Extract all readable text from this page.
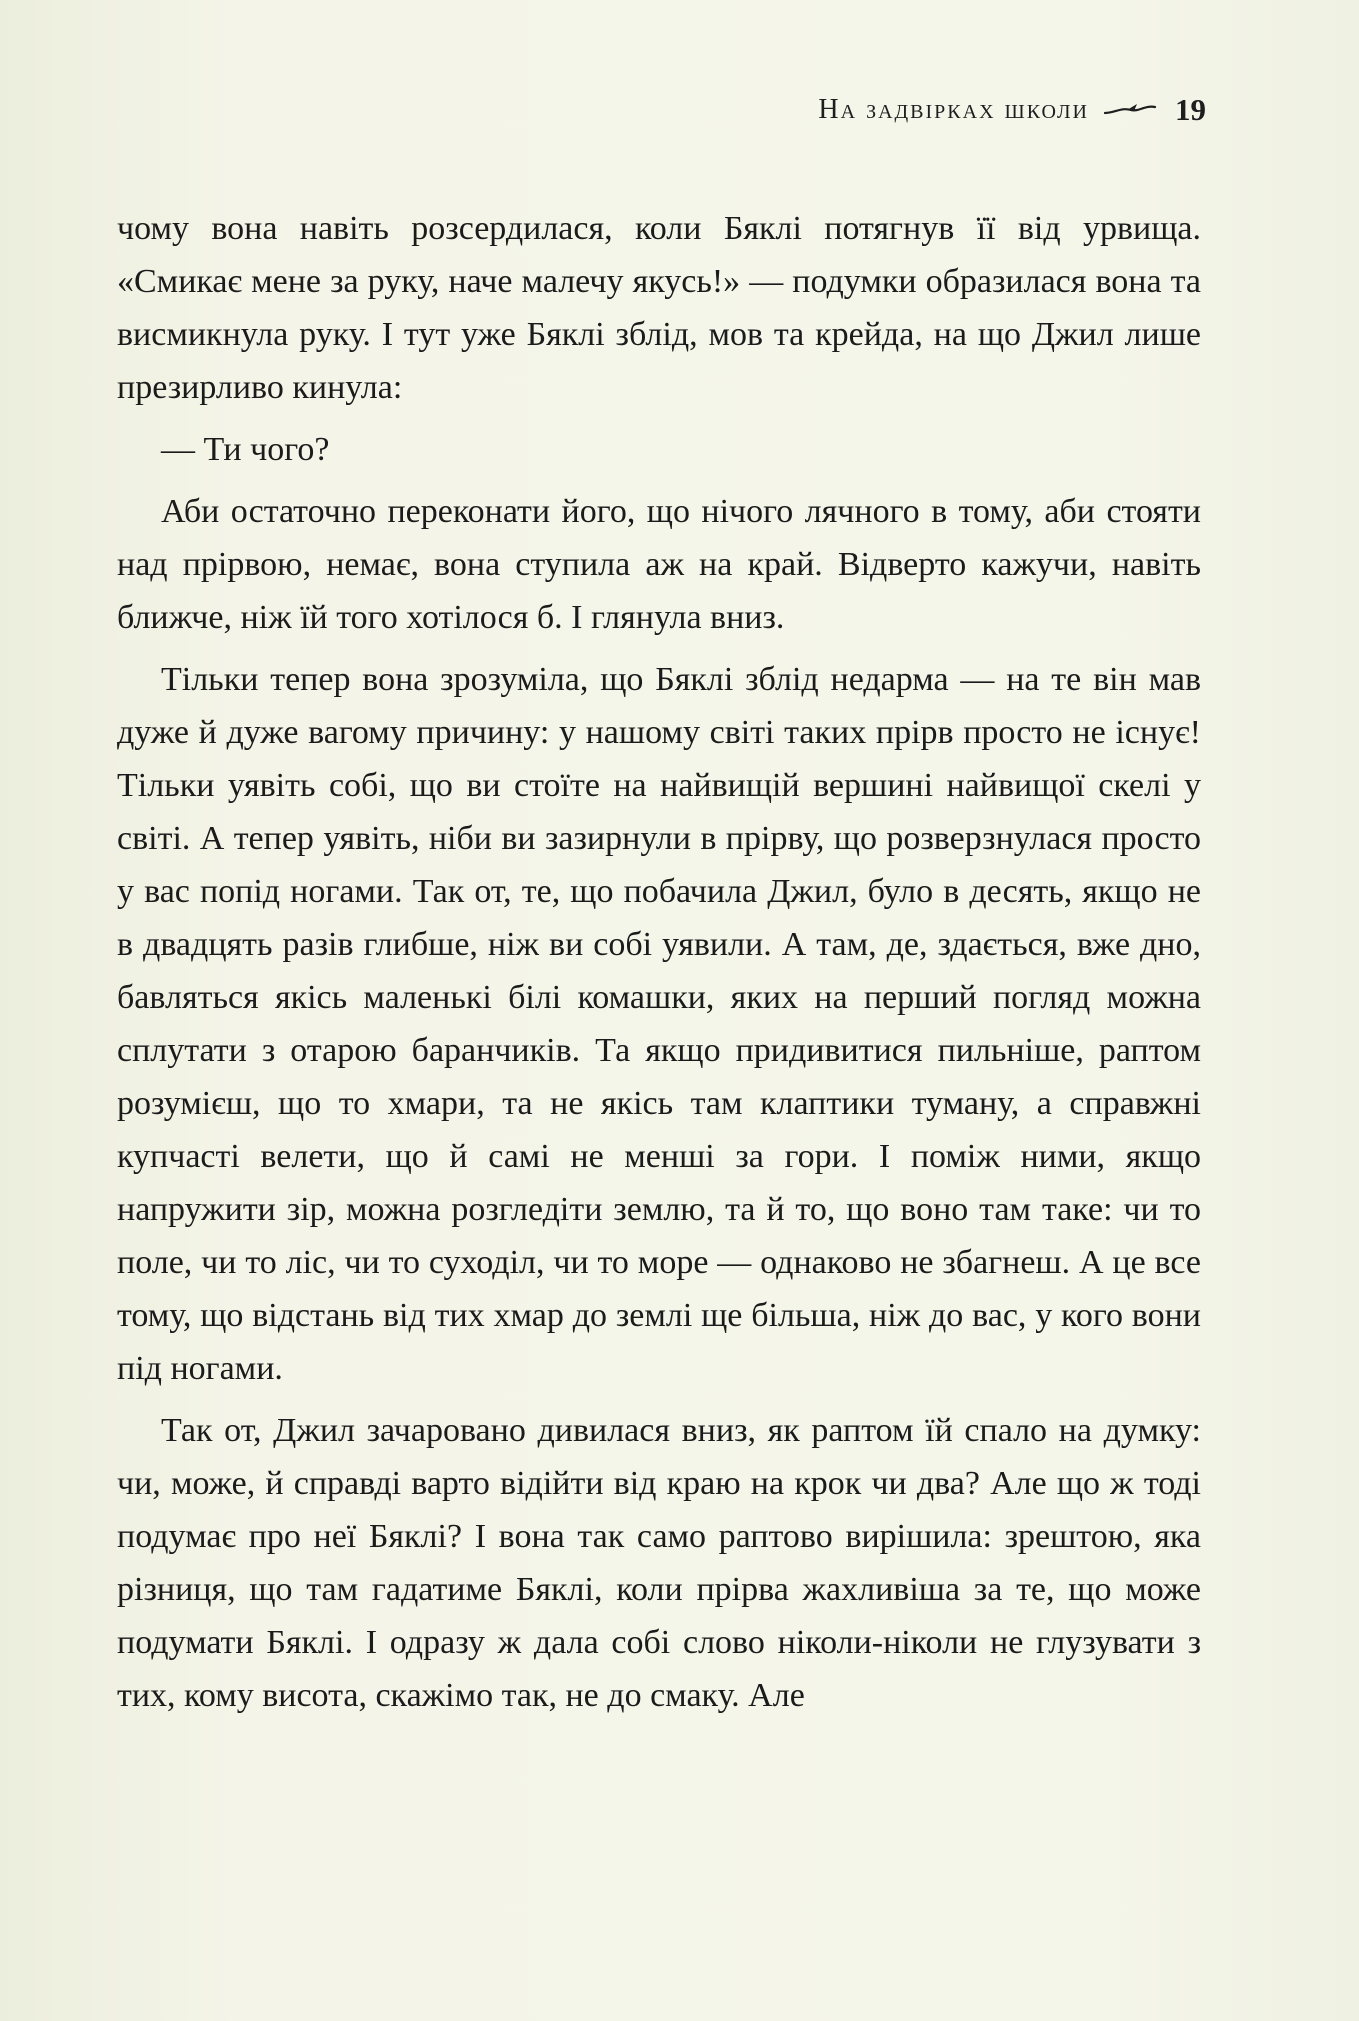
На задвірках школи	19

чому вона навіть розсердилася, коли Бяклі потягнув її від урвища. «Смикає мене за руку, наче малечу якусь!» — подумки образилася вона та висмикнула руку. І тут уже Бяклі зблід, мов та крейда, на що Джил лише презирливо кинула:

— Ти чого?

Аби остаточно переконати його, що нічого лячного в тому, аби стояти над прірвою, немає, вона ступила аж на край. Відверто кажучи, навіть ближче, ніж їй того хотілося б. І глянула вниз.

Тільки тепер вона зрозуміла, що Бяклі зблід недарма — на те він мав дуже й дуже вагому причину: у нашому світі таких прірв просто не існує! Тільки уявіть собі, що ви стоїте на найвищій вершині найвищої скелі у світі. А тепер уявіть, ніби ви зазирнули в прірву, що розверзнулася просто у вас попід ногами. Так от, те, що побачила Джил, було в десять, якщо не в двадцять разів глибше, ніж ви собі уявили. А там, де, здається, вже дно, бавляться якісь маленькі білі комашки, яких на перший погляд можна сплутати з отарою баранчиків. Та якщо придивитися пильніше, раптом розумієш, що то хмари, та не якісь там клаптики туману, а справжні купчасті велети, що й самі не менші за гори. І поміж ними, якщо напружити зір, можна розгледіти землю, та й то, що воно там таке: чи то поле, чи то ліс, чи то суходіл, чи то море — однаково не збагнеш. А це все тому, що відстань від тих хмар до землі ще більша, ніж до вас, у кого вони під ногами.

Так от, Джил зачаровано дивилася вниз, як раптом їй спало на думку: чи, може, й справді варто відійти від краю на крок чи два? Але що ж тоді подумає про неї Бяклі? І вона так само раптово вирішила: зрештою, яка різниця, що там гадатиме Бяклі, коли прірва жахливіша за те, що може подумати Бяклі. І одразу ж дала собі слово ніколи-ніколи не глузувати з тих, кому висота, скажімо так, не до смаку. Але
